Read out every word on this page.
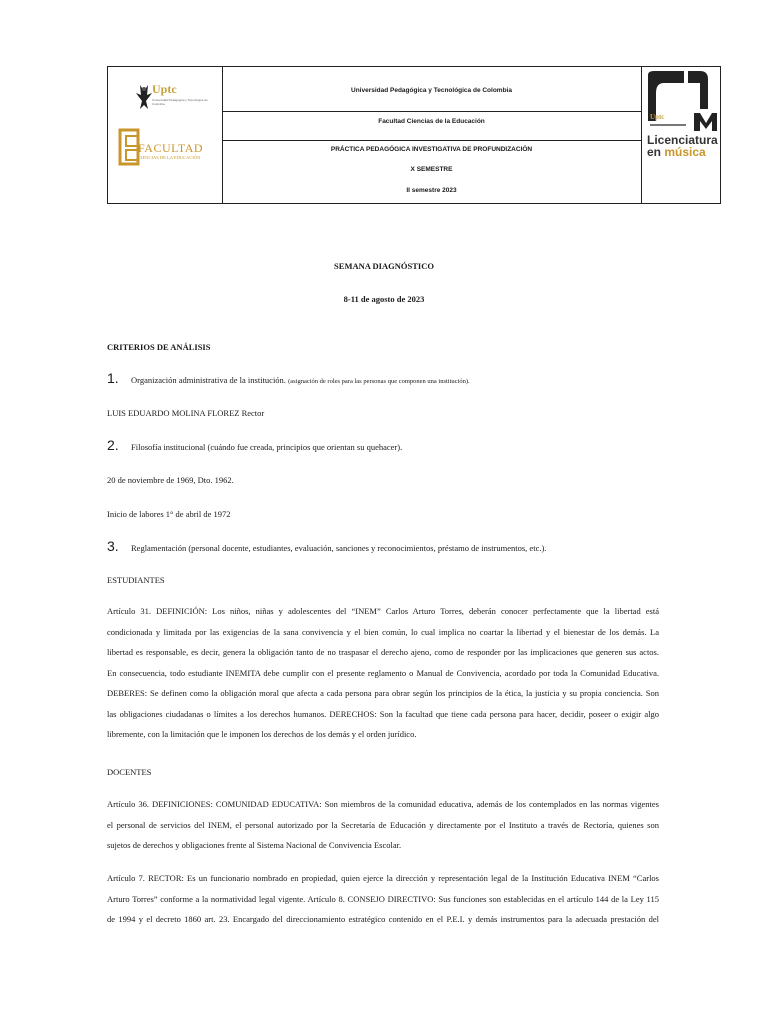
Uptc
Universidad Pedagógica y Tecnológica de Colombia
FACULTAD
CIENCIAS DE LA EDUCACIÓN
Universidad Pedagógica y Tecnológica de Colombia
Facultad Ciencias de la Educación
PRÁCTICA PEDAGÓGICA INVESTIGATIVA DE PROFUNDIZACIÓN
X SEMESTRE
II semestre 2023
Uptc
Licenciatura
en música
SEMANA DIAGNÓSTICO
8-11 de agosto de 2023
CRITERIOS DE ANÁLISIS
1. Organización administrativa de la institución. (asignación de roles para las personas que componen una institución).
LUIS EDUARDO MOLINA FLOREZ Rector
2. Filosofía institucional (cuándo fue creada, principios que orientan su quehacer).
20 de noviembre de 1969, Dto. 1962.
Inicio de labores 1° de abril de 1972
3. Reglamentación (personal docente, estudiantes, evaluación, sanciones y reconocimientos, préstamo de instrumentos, etc.).
ESTUDIANTES
Artículo 31. DEFINICIÓN: Los niños, niñas y adolescentes del “INEM” Carlos Arturo Torres, deberán conocer perfectamente que la libertad está
condicionada y limitada por las exigencias de la sana convivencia y el bien común, lo cual implica no coartar la libertad y el bienestar de los demás. La
libertad es responsable, es decir, genera la obligación tanto de no traspasar el derecho ajeno, como de responder por las implicaciones que generen sus actos.
En consecuencia, todo estudiante INEMITA debe cumplir con el presente reglamento o Manual de Convivencia, acordado por toda la Comunidad Educativa.
DEBERES: Se definen como la obligación moral que afecta a cada persona para obrar según los principios de la ética, la justicia y su propia conciencia. Son
las obligaciones ciudadanas o límites a los derechos humanos. DERECHOS: Son la facultad que tiene cada persona para hacer, decidir, poseer o exigir algo
libremente, con la limitación que le imponen los derechos de los demás y el orden jurídico.
DOCENTES
Artículo 36. DEFINICIONES: COMUNIDAD EDUCATIVA: Son miembros de la comunidad educativa, además de los contemplados en las normas vigentes
el personal de servicios del INEM, el personal autorizado por la Secretaría de Educación y directamente por el Instituto a través de Rectoría, quienes son
sujetos de derechos y obligaciones frente al Sistema Nacional de Convivencia Escolar.
Artículo 7. RECTOR: Es un funcionario nombrado en propiedad, quien ejerce la dirección y representación legal de la Institución Educativa INEM “Carlos
Arturo Torres” conforme a la normatividad legal vigente. Artículo 8. CONSEJO DIRECTIVO: Sus funciones son establecidas en el artículo 144 de la Ley 115
de 1994 y el decreto 1860 art. 23. Encargado del direccionamiento estratégico contenido en el P.E.I. y demás instrumentos para la adecuada prestación del
